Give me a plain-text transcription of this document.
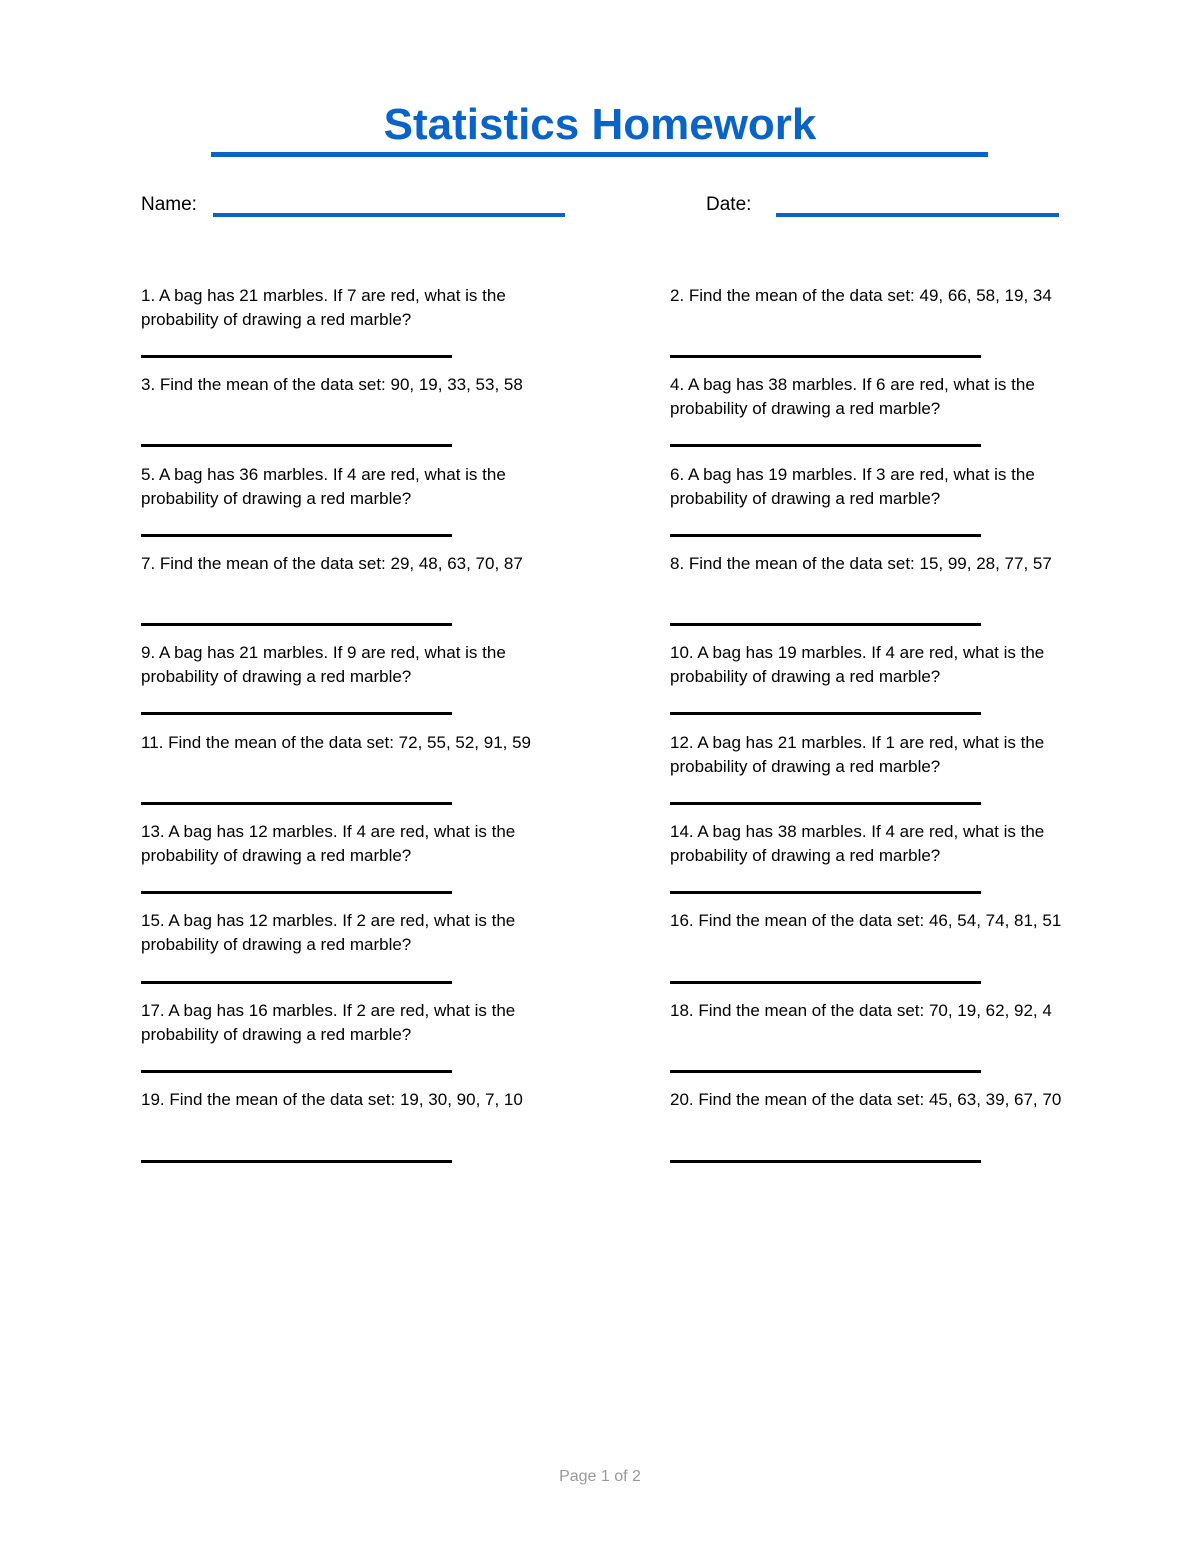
Statistics Homework
Name:	Date:

1. A bag has 21 marbles. If 7 are red, what is the probability of drawing a red marble?

2. Find the mean of the data set: 49, 66, 58, 19, 34

3. Find the mean of the data set: 90, 19, 33, 53, 58	4. A bag has 38 marbles. If 6 are red, what is the probability of drawing a red marble?

5. A bag has 36 marbles. If 4 are red, what is the probability of drawing a red marble?

6. A bag has 19 marbles. If 3 are red, what is the probability of drawing a red marble?

7. Find the mean of the data set: 29, 48, 63, 70, 87	8. Find the mean of the data set: 15, 99, 28, 77, 57

9. A bag has 21 marbles. If 9 are red, what is the probability of drawing a red marble?

10. A bag has 19 marbles. If 4 are red, what is the probability of drawing a red marble?

11. Find the mean of the data set: 72, 55, 52, 91, 59	12. A bag has 21 marbles. If 1 are red, what is the probability of drawing a red marble?

13. A bag has 12 marbles. If 4 are red, what is the probability of drawing a red marble?

14. A bag has 38 marbles. If 4 are red, what is the probability of drawing a red marble?

15. A bag has 12 marbles. If 2 are red, what is the probability of drawing a red marble?

16. Find the mean of the data set: 46, 54, 74, 81, 51

17. A bag has 16 marbles. If 2 are red, what is the probability of drawing a red marble?

18. Find the mean of the data set: 70, 19, 62, 92, 4

19. Find the mean of the data set: 19, 30, 90, 7, 10	20. Find the mean of the data set: 45, 63, 39, 67, 70

Page 1 of 2
